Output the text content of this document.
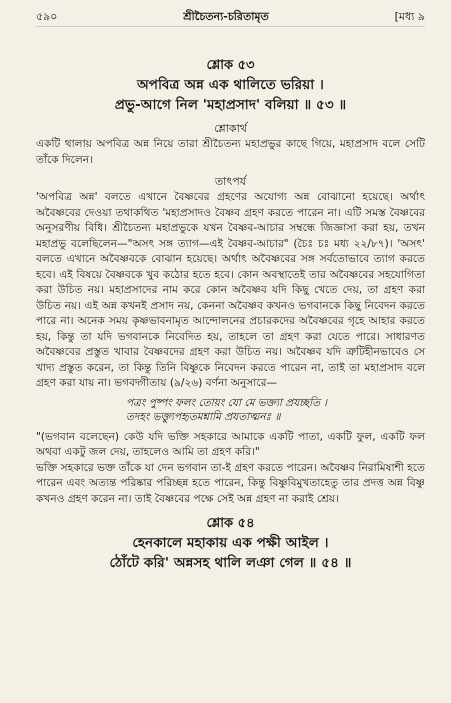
৫৯০	শ্রীচৈতন্য-চরিতামৃত	[মধ্য ৯
শ্লোক ৫৩
অপবিত্র অন্ন এক থালিতে ভরিয়া ।
প্রভু-আগে নিল 'মহাপ্রসাদ' বলিয়া ॥ ৫৩ ॥
শ্লোকার্থ

একটি থালায় অপবিত্র অন্ন নিয়ে তারা শ্রীচৈতন্য মহাপ্রভুর কাছে গিয়ে, মহাপ্রসাদ বলে সেটি তাঁকে দিলেন।

তাৎপর্য

'অপবিত্র অন্ন' বলতে এখানে বৈষ্ণবের গ্রহণের অযোগ্য অন্ন বোঝানো হয়েছে। অর্থাৎ অবৈষ্ণবের দেওয়া তথাকথিত 'মহাপ্রসাদও বৈষ্ণব গ্রহণ করতে পারেন না। এটি সমস্ত বৈষ্ণবের অনুসরণীয় বিধি। শ্রীচৈতন্য মহাপ্রভুকে যখন বৈষ্ণব-আচার সম্বন্ধে জিজ্ঞাসা করা হয়, তখন মহাপ্রভু বলেছিলেন—"অসৎ সঙ্গ ত্যাগ—এই বৈষ্ণব-আচার" (চৈঃ চঃ মধ্য ২২/৮৭)। 'অসৎ' বলতে এখানে অবৈষ্ণবকে বোঝান হয়েছে। অর্থাৎ অবৈষ্ণবের সঙ্গ সর্বতোভাবে ত্যাগ করতে হবে। এই বিষয়ে বৈষ্ণবকে খুব কঠোর হতে হবে। কোন অবস্থাতেই তার অবৈষ্ণবের সহযোগিতা করা উচিত নয়। মহাপ্রসাদের নাম করে কোন অবৈষ্ণব যদি কিছু খেতে দেয়, তা গ্রহণ করা উচিত নয়। এই অন্ন কখনই প্রসাদ নয়, কেননা অবৈষ্ণব কখনও ভগবানকে কিছু নিবেদন করতে পারে না। অনেক সময় কৃষ্ণভাবনামৃত আন্দোলনের প্রচারকদের অবৈষ্ণবের গৃহে আহার করতে হয়, কিন্তু তা যদি ভগবানকে নিবেদিত হয়, তাহলে তা গ্রহণ করা যেতে পারে। সাধারণত অবৈষ্ণবের প্রস্তুত খাবার বৈষ্ণবদের গ্রহণ করা উচিত নয়। অবৈষ্ণব যদি ত্রুটিহীনভাবেও সে খাদ্য প্রস্তুত করেন, তা কিন্তু তিনি বিষ্ণুকে নিবেদন করতে পারেন না, তাই তা মহাপ্রসাদ বলে গ্রহণ করা যায় না। ভগবদ্গীতায় (৯/২৬) বর্ণনা অনুসারে—

পত্রং পুষ্পং ফলং তোয়ং যো মে ভক্ত্যা প্রযচ্ছতি ।
তদহং ভক্ত্যুপহৃতমশ্নামি প্রযতাত্মনঃ ॥

"(ভগবান বলেছেন) কেউ যদি ভক্তি সহকারে আমাকে একটি পাতা, একটি ফুল, একটি ফল অথবা একটু জল দেয়, তাহলেও আমি তা গ্রহণ করি।"

ভক্তি সহকারে ভক্ত তাঁকে যা দেন ভগবান তা-ই গ্রহণ করতে পারেন। অবৈষ্ণব নিরামিষাশী হতে পারেন এবং অত্যন্ত পরিষ্কার পরিচ্ছন্ন হতে পারেন, কিন্তু বিষ্ণুবিমুখতাহেতু তার প্রদত্ত অন্ন বিষ্ণু কখনও গ্রহণ করেন না। তাই বৈষ্ণবের পক্ষে সেই অন্ন গ্রহণ না করাই শ্রেয়।

শ্লোক ৫৪
হেনকালে মহাকায় এক পক্ষী আইল ।
ঠোঁটে করি' অন্নসহ থালি লঞা গেল ॥ ৫৪ ॥
